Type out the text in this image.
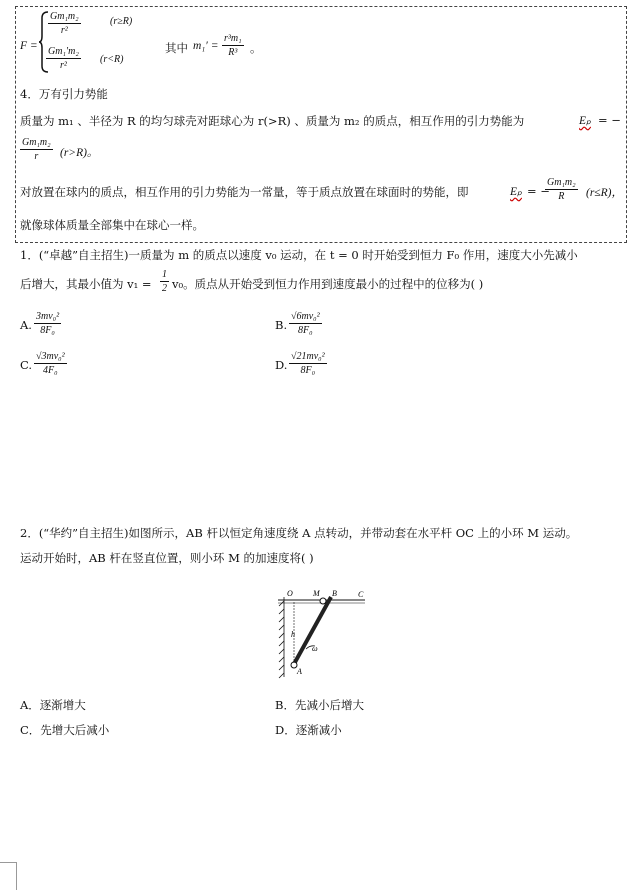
F =
$\frac{\text{Gm₁m₂}}{\text{r²}}$	(r≥R)
$\frac{\text{Gm₁′m₂}}{\text{r²}} (r<R)$
其中 $m_1' = \frac{\text{r³m₁}}{\text{R³}}$ 。
4．万有引力势能
质量为 m₁ 、半径为 R 的均匀球壳对距球心为 r(>R) 、质量为 m₂ 的质点，相互作用的引力势能为	Eₚ = −
$\frac{\text{Gm₁m₂}}{r} (r>R)$。
对放置在球内的质点，相互作用的引力势能为一常量，等于质点放置在球面时的势能，即	Eₚ = −
$\frac{\text{Gm₁m₂}}{R} (r\le R)$，
就像球体质量全部集中在球心一样。
1．(“卓越”自主招生)一质量为 m 的质点以速度 v₀ 运动，在 t = 0 时开始受到恒力 F₀ 作用，速度大小先减小
后增大，其最小值为 $v_1 = \frac{1}{2} v_0$。质点从开始受到恒力作用到速度最小的过程中的位移为( )
A. $\frac{\text{3mv₀²}}{\text{8F₀}}$	B. $\frac{\text{√6mv₀²}}{\text{8F₀}}$
C. $\frac{\text{√3mv₀²}}{\text{4F₀}}$	D. $\frac{\text{√21mv₀²}}{\text{8F₀}}$
2．(“华约”自主招生)如图所示，AB 杆以恒定角速度绕 A 点转动，并带动套在水平杆 OC 上的小环 M 运动。
运动开始时，AB 杆在竖直位置，则小环 M 的加速度将( )
O	M B	C
h
ω
A
A．逐渐增大	B．先减小后增大
C．先增大后减小	D．逐渐减小
